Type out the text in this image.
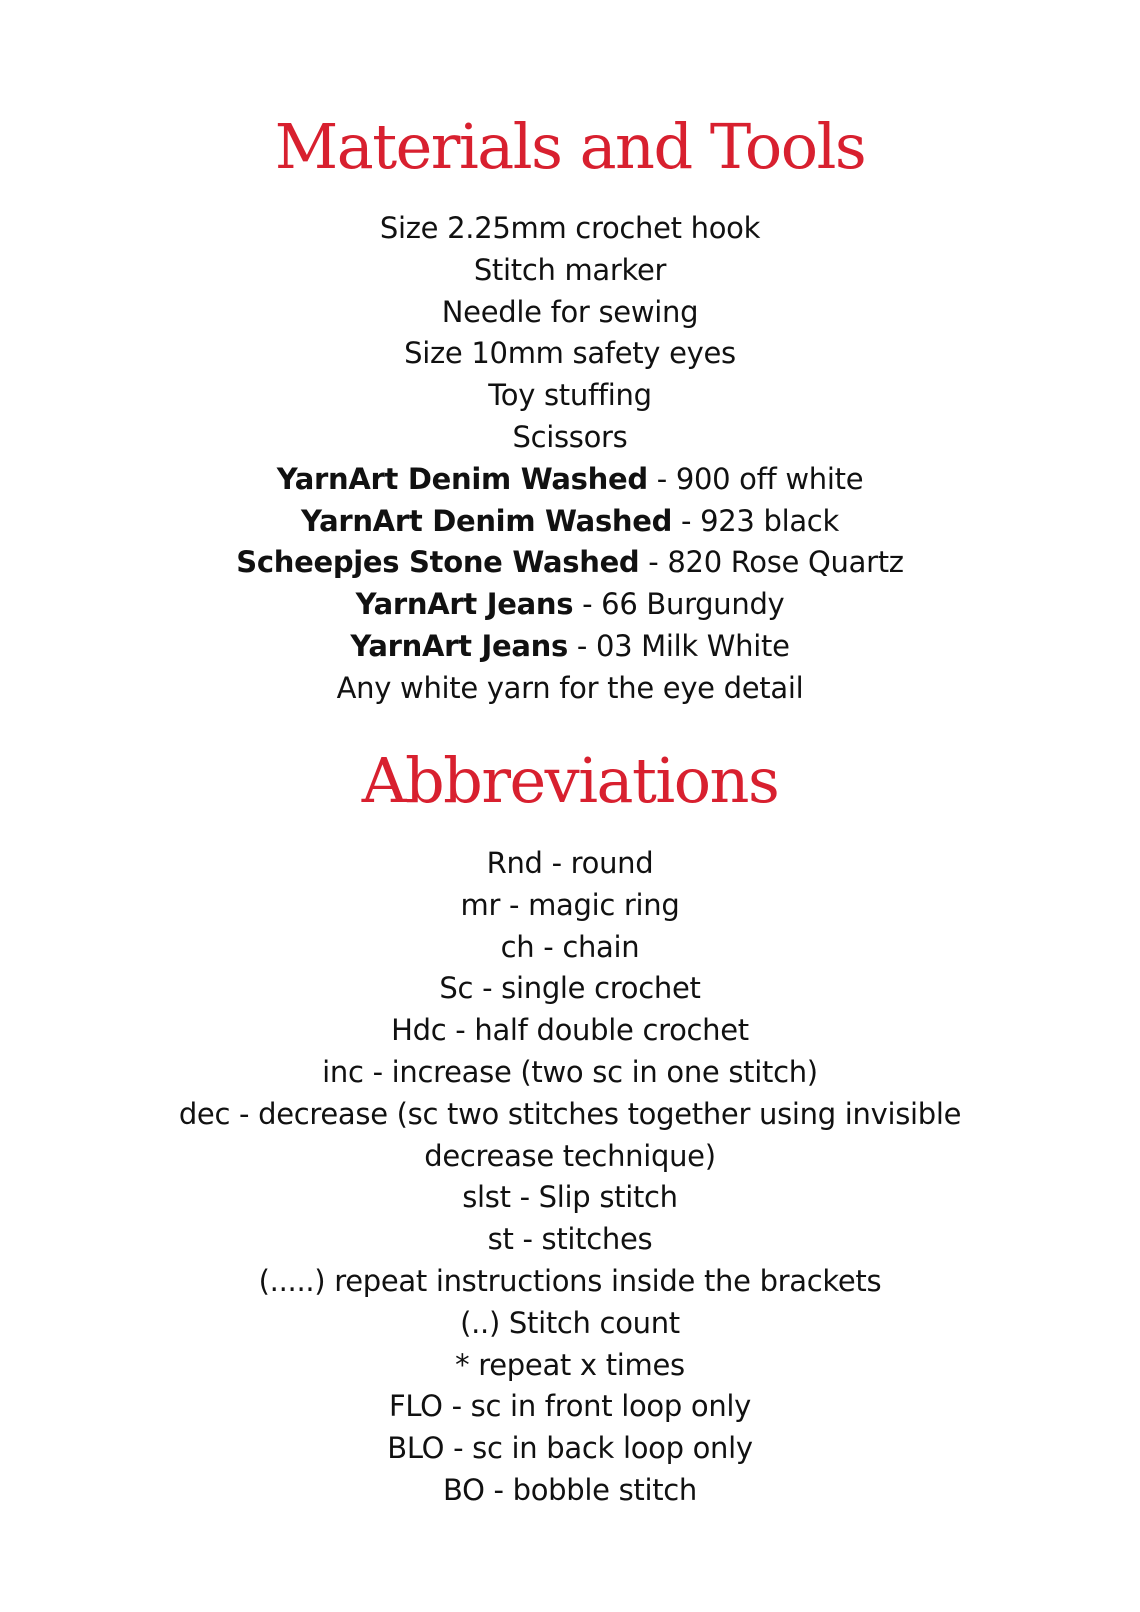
Materials and Tools
Size 2.25mm crochet hook
Stitch marker
Needle for sewing
Size 10mm safety eyes
Toy stuffing
Scissors
YarnArt Denim Washed - 900 off white
YarnArt Denim Washed - 923 black
Scheepjes Stone Washed - 820 Rose Quartz
YarnArt Jeans - 66 Burgundy
YarnArt Jeans - 03 Milk White
Any white yarn for the eye detail
Abbreviations
Rnd - round
mr - magic ring
ch - chain
Sc - single crochet
Hdc - half double crochet
inc - increase (two sc in one stitch)
dec - decrease (sc two stitches together using invisible
decrease technique)
slst - Slip stitch
st - stitches
(.....) repeat instructions inside the brackets
(..) Stitch count
* repeat x times
FLO - sc in front loop only
BLO - sc in back loop only
BO - bobble stitch
